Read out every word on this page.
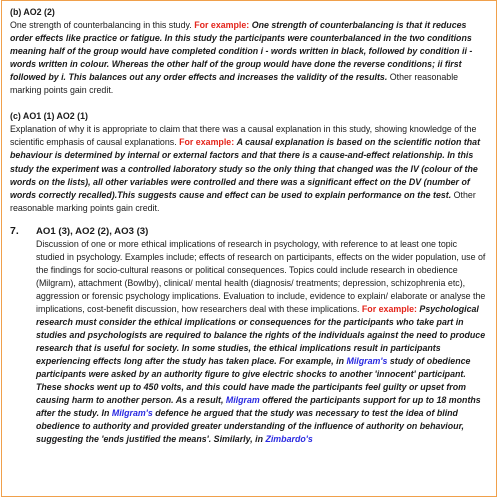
(b) AO2 (2)

One strength of counterbalancing in this study. For example: One strength of counterbalancing is that it reduces order effects like practice or fatigue. In this study the participants were counterbalanced in the two conditions meaning half of the group would have completed condition i - words written in black, followed by condition ii - words written in colour. Whereas the other half of the group would have done the reverse conditions; ii first followed by i. This balances out any order effects and increases the validity of the results. Other reasonable marking points gain credit.

(c) AO1 (1) AO2 (1)

Explanation of why it is appropriate to claim that there was a causal explanation in this study, showing knowledge of the scientific emphasis of causal explanations. For example: A causal explanation is based on the scientific notion that behaviour is determined by internal or external factors and that there is a cause-and-effect relationship. In this study the experiment was a controlled laboratory study so the only thing that changed was the IV (colour of the words on the lists), all other variables were controlled and there was a significant effect on the DV (number of words correctly recalled).This suggests cause and effect can be used to explain performance on the test. Other reasonable marking points gain credit.

7.	AO1 (3), AO2 (2), AO3 (3)

Discussion of one or more ethical implications of research in psychology, with reference to at least one topic studied in psychology. Examples include; effects of research on participants, effects on the wider population, use of the findings for socio-cultural reasons or political consequences. Topics could include research in obedience (Milgram), attachment (Bowlby), clinical/ mental health (diagnosis/ treatments; depression, schizophrenia etc), aggression or forensic psychology implications. Evaluation to include, evidence to explain/ elaborate or analyse the implications, cost-benefit discussion, how researchers deal with these implications. For example: Psychological research must consider the ethical implications or consequences for the participants who take part in studies and psychologists are required to balance the rights of the individuals against the need to produce research that is useful for society. In some studies, the ethical implications result in participants experiencing effects long after the study has taken place. For example, in Milgram's study of obedience participants were asked by an authority figure to give electric shocks to another 'innocent' participant. These shocks went up to 450 volts, and this could have made the participants feel guilty or upset from causing harm to another person. As a result, Milgram offered the participants support for up to 18 months after the study. In Milgram's defence he argued that the study was necessary to test the idea of blind obedience to authority and provided greater understanding of the influence of authority on behaviour, suggesting the 'ends justified the means'. Similarly, in Zimbardo's
